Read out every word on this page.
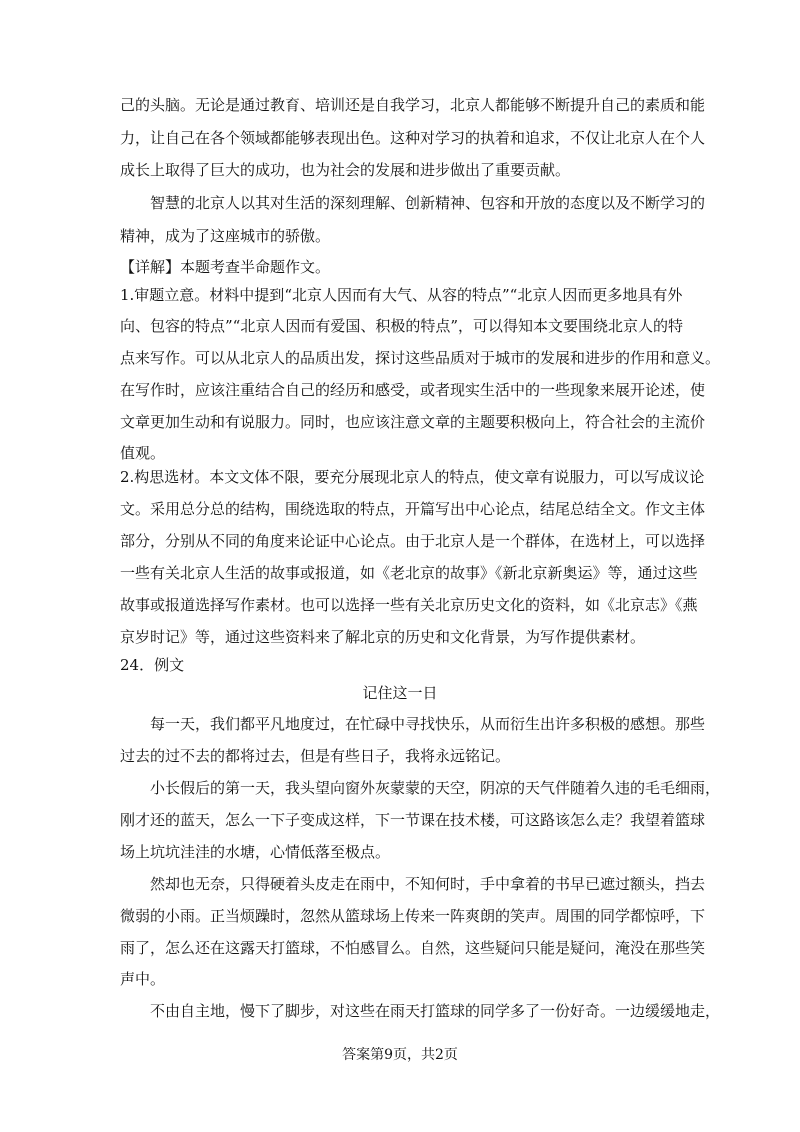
己的头脑。无论是通过教育、培训还是自我学习，北京人都能够不断提升自己的素质和能
力，让自己在各个领域都能够表现出色。这种对学习的执着和追求，不仅让北京人在个人
成长上取得了巨大的成功，也为社会的发展和进步做出了重要贡献。
智慧的北京人以其对生活的深刻理解、创新精神、包容和开放的态度以及不断学习的
精神，成为了这座城市的骄傲。
【详解】本题考查半命题作文。
1.审题立意。材料中提到“北京人因而有大气、从容的特点”“北京人因而更多地具有外
向、包容的特点”“北京人因而有爱国、积极的特点”，可以得知本文要围绕北京人的特
点来写作。可以从北京人的品质出发，探讨这些品质对于城市的发展和进步的作用和意义。
在写作时，应该注重结合自己的经历和感受，或者现实生活中的一些现象来展开论述，使
文章更加生动和有说服力。同时，也应该注意文章的主题要积极向上，符合社会的主流价
值观。
2.构思选材。本文文体不限，要充分展现北京人的特点，使文章有说服力，可以写成议论
文。采用总分总的结构，围绕选取的特点，开篇写出中心论点，结尾总结全文。作文主体
部分，分别从不同的角度来论证中心论点。由于北京人是一个群体，在选材上，可以选择
一些有关北京人生活的故事或报道，如《老北京的故事》《新北京新奥运》等，通过这些
故事或报道选择写作素材。也可以选择一些有关北京历史文化的资料，如《北京志》《燕
京岁时记》等，通过这些资料来了解北京的历史和文化背景，为写作提供素材。
24．例文
记住这一日
每一天，我们都平凡地度过，在忙碌中寻找快乐，从而衍生出许多积极的感想。那些
过去的过不去的都将过去，但是有些日子，我将永远铭记。
小长假后的第一天，我头望向窗外灰蒙蒙的天空，阴凉的天气伴随着久违的毛毛细雨，
刚才还的蓝天，怎么一下子变成这样，下一节课在技术楼，可这路该怎么走？我望着篮球
场上坑坑洼洼的水塘，心情低落至极点。
然却也无奈，只得硬着头皮走在雨中，不知何时，手中拿着的书早已遮过额头，挡去
微弱的小雨。正当烦躁时，忽然从篮球场上传来一阵爽朗的笑声。周围的同学都惊呼，下
雨了，怎么还在这露天打篮球，不怕感冒么。自然，这些疑问只能是疑问，淹没在那些笑
声中。
不由自主地，慢下了脚步，对这些在雨天打篮球的同学多了一份好奇。一边缓缓地走，
答案第9页，共2页
